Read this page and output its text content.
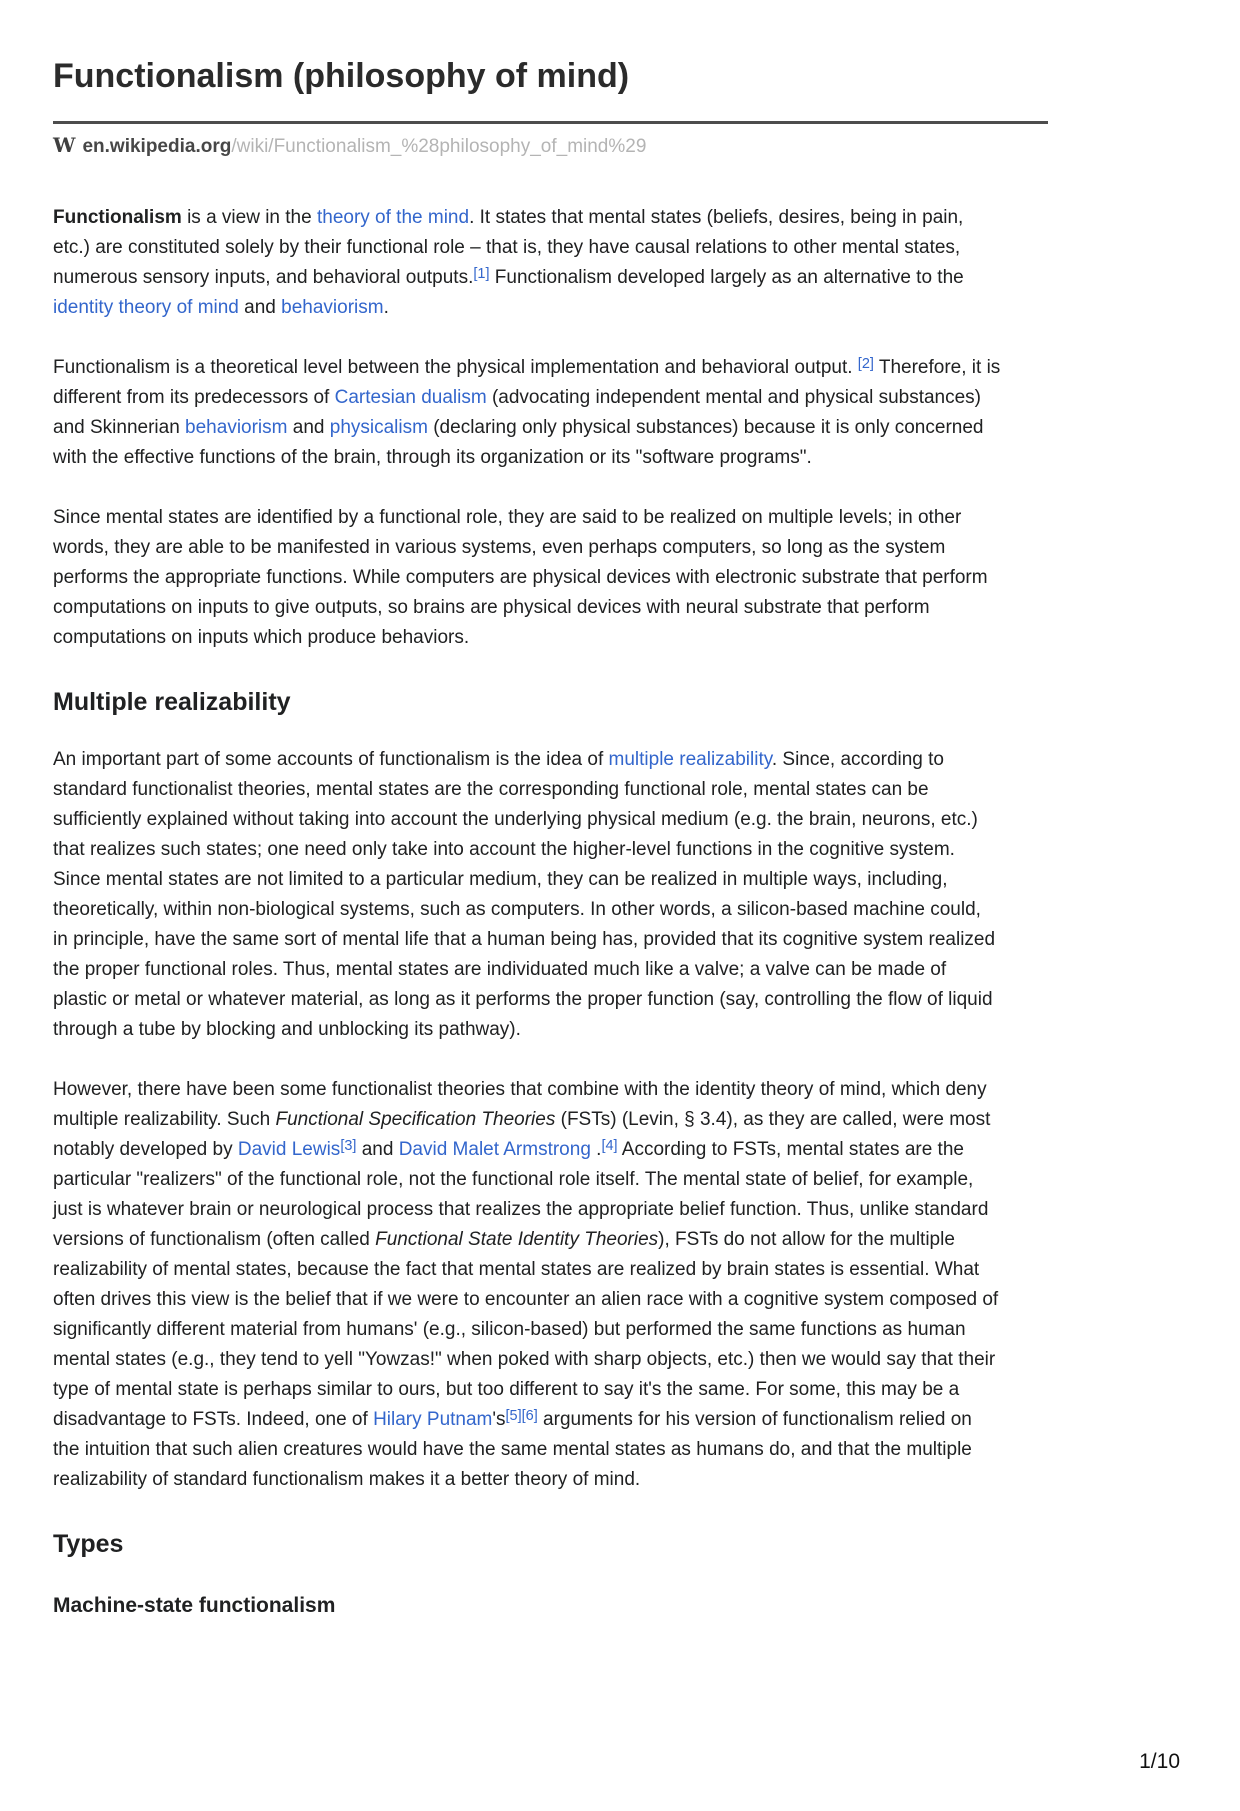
Functionalism (philosophy of mind)
W en.wikipedia.org/wiki/Functionalism_%28philosophy_of_mind%29
Functionalism is a view in the theory of the mind. It states that mental states (beliefs, desires, being in pain,
etc.) are constituted solely by their functional role – that is, they have causal relations to other mental states,
numerous sensory inputs, and behavioral outputs.[1] Functionalism developed largely as an alternative to the
identity theory of mind and behaviorism.
Functionalism is a theoretical level between the physical implementation and behavioral output. [2] Therefore, it is
different from its predecessors of Cartesian dualism (advocating independent mental and physical substances)
and Skinnerian behaviorism and physicalism (declaring only physical substances) because it is only concerned
with the effective functions of the brain, through its organization or its "software programs".
Since mental states are identified by a functional role, they are said to be realized on multiple levels; in other
words, they are able to be manifested in various systems, even perhaps computers, so long as the system
performs the appropriate functions. While computers are physical devices with electronic substrate that perform
computations on inputs to give outputs, so brains are physical devices with neural substrate that perform
computations on inputs which produce behaviors.
Multiple realizability
An important part of some accounts of functionalism is the idea of multiple realizability. Since, according to
standard functionalist theories, mental states are the corresponding functional role, mental states can be
sufficiently explained without taking into account the underlying physical medium (e.g. the brain, neurons, etc.)
that realizes such states; one need only take into account the higher-level functions in the cognitive system.
Since mental states are not limited to a particular medium, they can be realized in multiple ways, including,
theoretically, within non-biological systems, such as computers. In other words, a silicon-based machine could,
in principle, have the same sort of mental life that a human being has, provided that its cognitive system realized
the proper functional roles. Thus, mental states are individuated much like a valve; a valve can be made of
plastic or metal or whatever material, as long as it performs the proper function (say, controlling the flow of liquid
through a tube by blocking and unblocking its pathway).
However, there have been some functionalist theories that combine with the identity theory of mind, which deny
multiple realizability. Such Functional Specification Theories (FSTs) (Levin, § 3.4), as they are called, were most
notably developed by David Lewis[3] and David Malet Armstrong .[4] According to FSTs, mental states are the
particular "realizers" of the functional role, not the functional role itself. The mental state of belief, for example,
just is whatever brain or neurological process that realizes the appropriate belief function. Thus, unlike standard
versions of functionalism (often called Functional State Identity Theories), FSTs do not allow for the multiple
realizability of mental states, because the fact that mental states are realized by brain states is essential. What
often drives this view is the belief that if we were to encounter an alien race with a cognitive system composed of
significantly different material from humans' (e.g., silicon-based) but performed the same functions as human
mental states (e.g., they tend to yell "Yowzas!" when poked with sharp objects, etc.) then we would say that their
type of mental state is perhaps similar to ours, but too different to say it's the same. For some, this may be a
disadvantage to FSTs. Indeed, one of Hilary Putnam's[5][6] arguments for his version of functionalism relied on
the intuition that such alien creatures would have the same mental states as humans do, and that the multiple
realizability of standard functionalism makes it a better theory of mind.
Types
Machine-state functionalism
1/10
